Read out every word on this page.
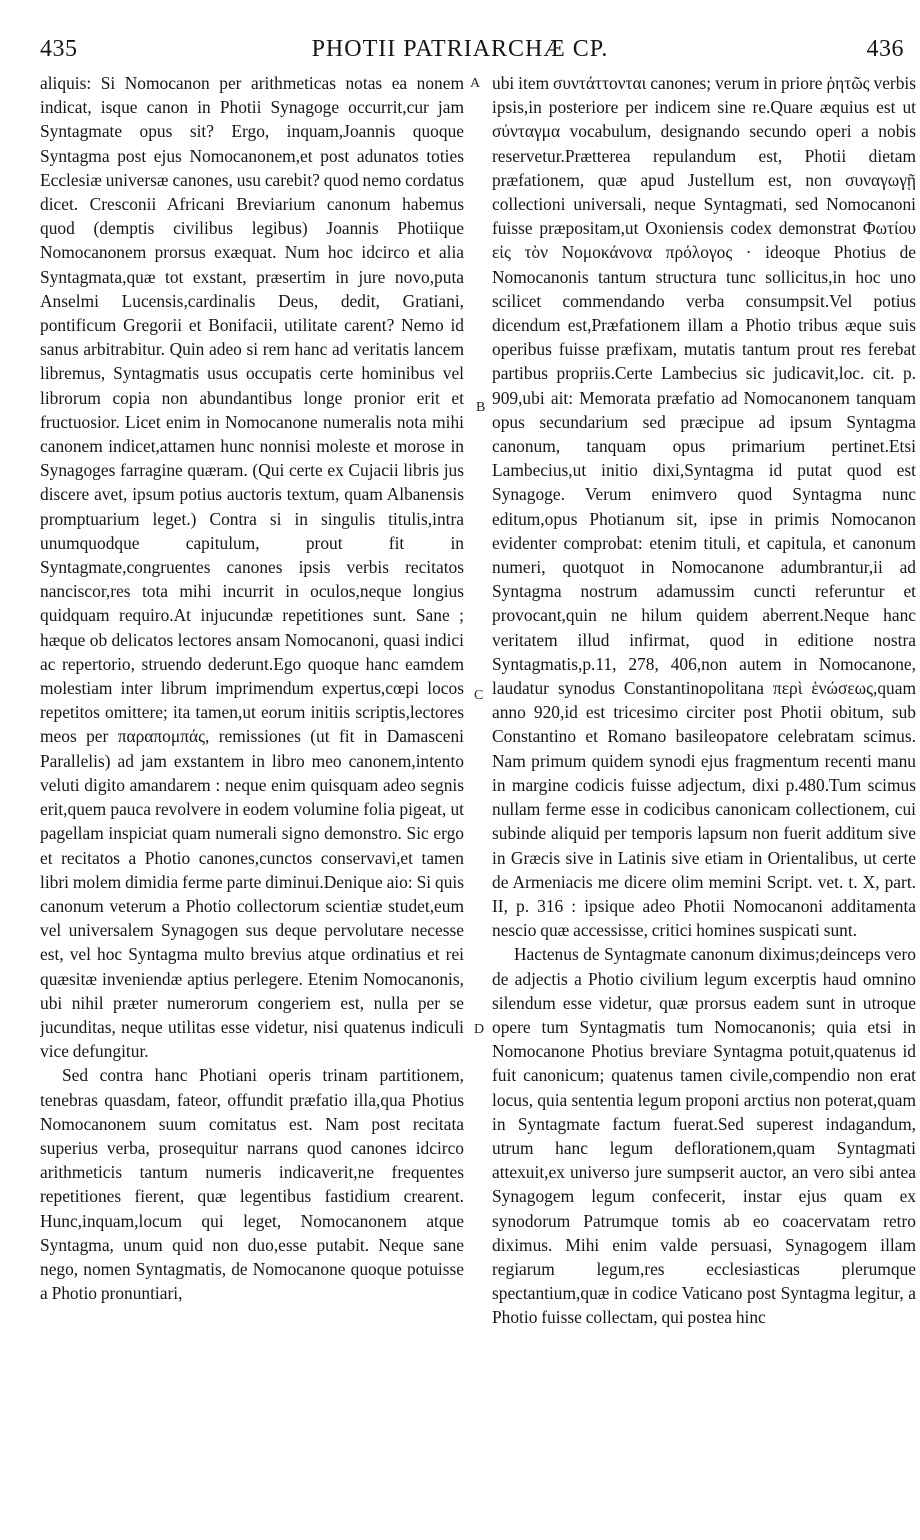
435	PHOTII PATRIARCHÆ CP.	436

aliquis: Si Nomocanon per arithmeticas notas ea nonem indicat, isque canon in Photii Synagoge occurrit,cur jam Syntagmate opus sit? Ergo, inquam,Joannis quoque Syntagma post ejus Nomocanonem,et post adunatos toties Ecclesiæ universæ canones, usu carebit? quod nemo cordatus dicet. Cresconii Africani Breviarium canonum habemus quod (demptis civilibus legibus) Joannis Photiique Nomocanonem prorsus exæquat. Num hoc idcirco et alia Syntagmata,quæ tot exstant, præsertim in jure novo,puta Anselmi Lucensis,cardinalis Deus, dedit, Gratiani, pontificum Gregorii et Bonifacii, utilitate carent? Nemo id sanus arbitrabitur. Quin adeo si rem hanc ad veritatis lancem libremus, Syntagmatis usus occupatis certe hominibus vel librorum copia non abundantibus longe pronior erit et fructuosior. Licet enim in Nomocanone numeralis nota mihi canonem indicet,attamen hunc nonnisi moleste et morose in Synagoges farragine quæram. (Qui certe ex Cujacii libris jus discere avet, ipsum potius auctoris textum, quam Albanensis promptuarium leget.) Contra si in singulis titulis,intra unumquodque capitulum, prout fit in Syntagmate,congruentes canones ipsis verbis recitatos nanciscor,res tota mihi incurrit in oculos,neque longius quidquam requiro.At injucundæ repetitiones sunt. Sane ; hæque ob delicatos lectores ansam Nomocanoni, quasi indici ac repertorio, struendo dederunt.Ego quoque hanc eamdem molestiam inter librum imprimendum expertus,cœpi locos repetitos omittere; ita tamen,ut eorum initiis scriptis,lectores meos per παραπομπάς, remissiones (ut fit in Damasceni Parallelis) ad jam exstantem in libro meo canonem,intento veluti digito amandarem : neque enim quisquam adeo segnis erit,quem pauca revolvere in eodem volumine folia pigeat, ut pagellam inspiciat quam numerali signo demonstro. Sic ergo et recitatos a Photio canones,cunctos conservavi,et tamen libri molem dimidia ferme parte diminui.Denique aio: Si quis canonum veterum a Photio collectorum scientiæ studet,eum vel universalem Synagogen sus deque pervolutare necesse est, vel hoc Syntagma multo brevius atque ordinatius et rei quæsitæ inveniendæ aptius perlegere. Etenim Nomocanonis, ubi nihil præter numerorum congeriem est, nulla per se jucunditas, neque utilitas esse videtur, nisi quatenus indiculi vice defungitur.

Sed contra hanc Photiani operis trinam partitionem, tenebras quasdam, fateor, offundit præfatio illa,qua Photius Nomocanonem suum comitatus est. Nam post recitata superius verba, prosequitur narrans quod canones idcirco arithmeticis tantum numeris indicaverit,ne frequentes repetitiones fierent, quæ legentibus fastidium crearent. Hunc,inquam,locum qui leget, Nomocanonem atque Syntagma, unum quid non duo,esse putabit. Neque sane nego, nomen Syntagmatis, de Nomocanone quoque potuisse a Photio pronuntiari,

A
B
C
D

ubi item συντάττονται canones; verum in priore ῥητῶς verbis ipsis,in posteriore per indicem sine re.Quare æquius est ut σύνταγμα vocabulum, designando secundo operi a nobis reservetur.Prætterea repulandum est, Photii dietam præfationem, quæ apud Justellum est, non συναγωγῇ collectioni universali, neque Syntagmati, sed Nomocanoni fuisse præpositam,ut Oxoniensis codex demonstrat Φωτίου εἰς τὸν Νομοκάνονα πρόλογος · ideoque Photius de Nomocanonis tantum structura tunc sollicitus,in hoc uno scilicet commendando verba consumpsit.Vel potius dicendum est,Præfationem illam a Photio tribus æque suis operibus fuisse præfixam, mutatis tantum prout res ferebat partibus propriis.Certe Lambecius sic judicavit,loc. cit. p. 909,ubi ait: Memorata præfatio ad Nomocanonem tanquam opus secundarium sed præcipue ad ipsum Syntagma canonum, tanquam opus primarium pertinet.Etsi Lambecius,ut initio dixi,Syntagma id putat quod est Synagoge. Verum enimvero quod Syntagma nunc editum,opus Photianum sit, ipse in primis Nomocanon evidenter comprobat: etenim tituli, et capitula, et canonum numeri, quotquot in Nomocanone adumbrantur,ii ad Syntagma nostrum adamussim cuncti referuntur et provocant,quin ne hilum quidem aberrent.Neque hanc veritatem illud infirmat, quod in editione nostra Syntagmatis,p.11, 278, 406,non autem in Nomocanone, laudatur synodus Constantinopolitana περὶ ἑνώσεως,quam anno 920,id est tricesimo circiter post Photii obitum, sub Constantino et Romano basileopatore celebratam scimus. Nam primum quidem synodi ejus fragmentum recenti manu in margine codicis fuisse adjectum, dixi p.480.Tum scimus nullam ferme esse in codicibus canonicam collectionem, cui subinde aliquid per temporis lapsum non fuerit additum sive in Græcis sive in Latinis sive etiam in Orientalibus, ut certe de Armeniacis me dicere olim memini Script. vet. t. X, part. II, p. 316 : ipsique adeo Photii Nomocanoni additamenta nescio quæ accessisse, critici homines suspicati sunt.

Hactenus de Syntagmate canonum diximus;deinceps vero de adjectis a Photio civilium legum excerptis haud omnino silendum esse videtur, quæ prorsus eadem sunt in utroque opere tum Syntagmatis tum Nomocanonis; quia etsi in Nomocanone Photius breviare Syntagma potuit,quatenus id fuit canonicum; quatenus tamen civile,compendio non erat locus, quia sententia legum proponi arctius non poterat,quam in Syntagmate factum fuerat.Sed superest indagandum, utrum hanc legum deflorationem,quam Syntagmati attexuit,ex universo jure sumpserit auctor, an vero sibi antea Synagogem legum confecerit, instar ejus quam ex synodorum Patrumque tomis ab eo coacervatam retro diximus. Mihi enim valde persuasi, Synagogem illam regiarum legum,res ecclesiasticas plerumque spectantium,quæ in codice Vaticano post Syntagma legitur, a Photio fuisse collectam, qui postea hinc
